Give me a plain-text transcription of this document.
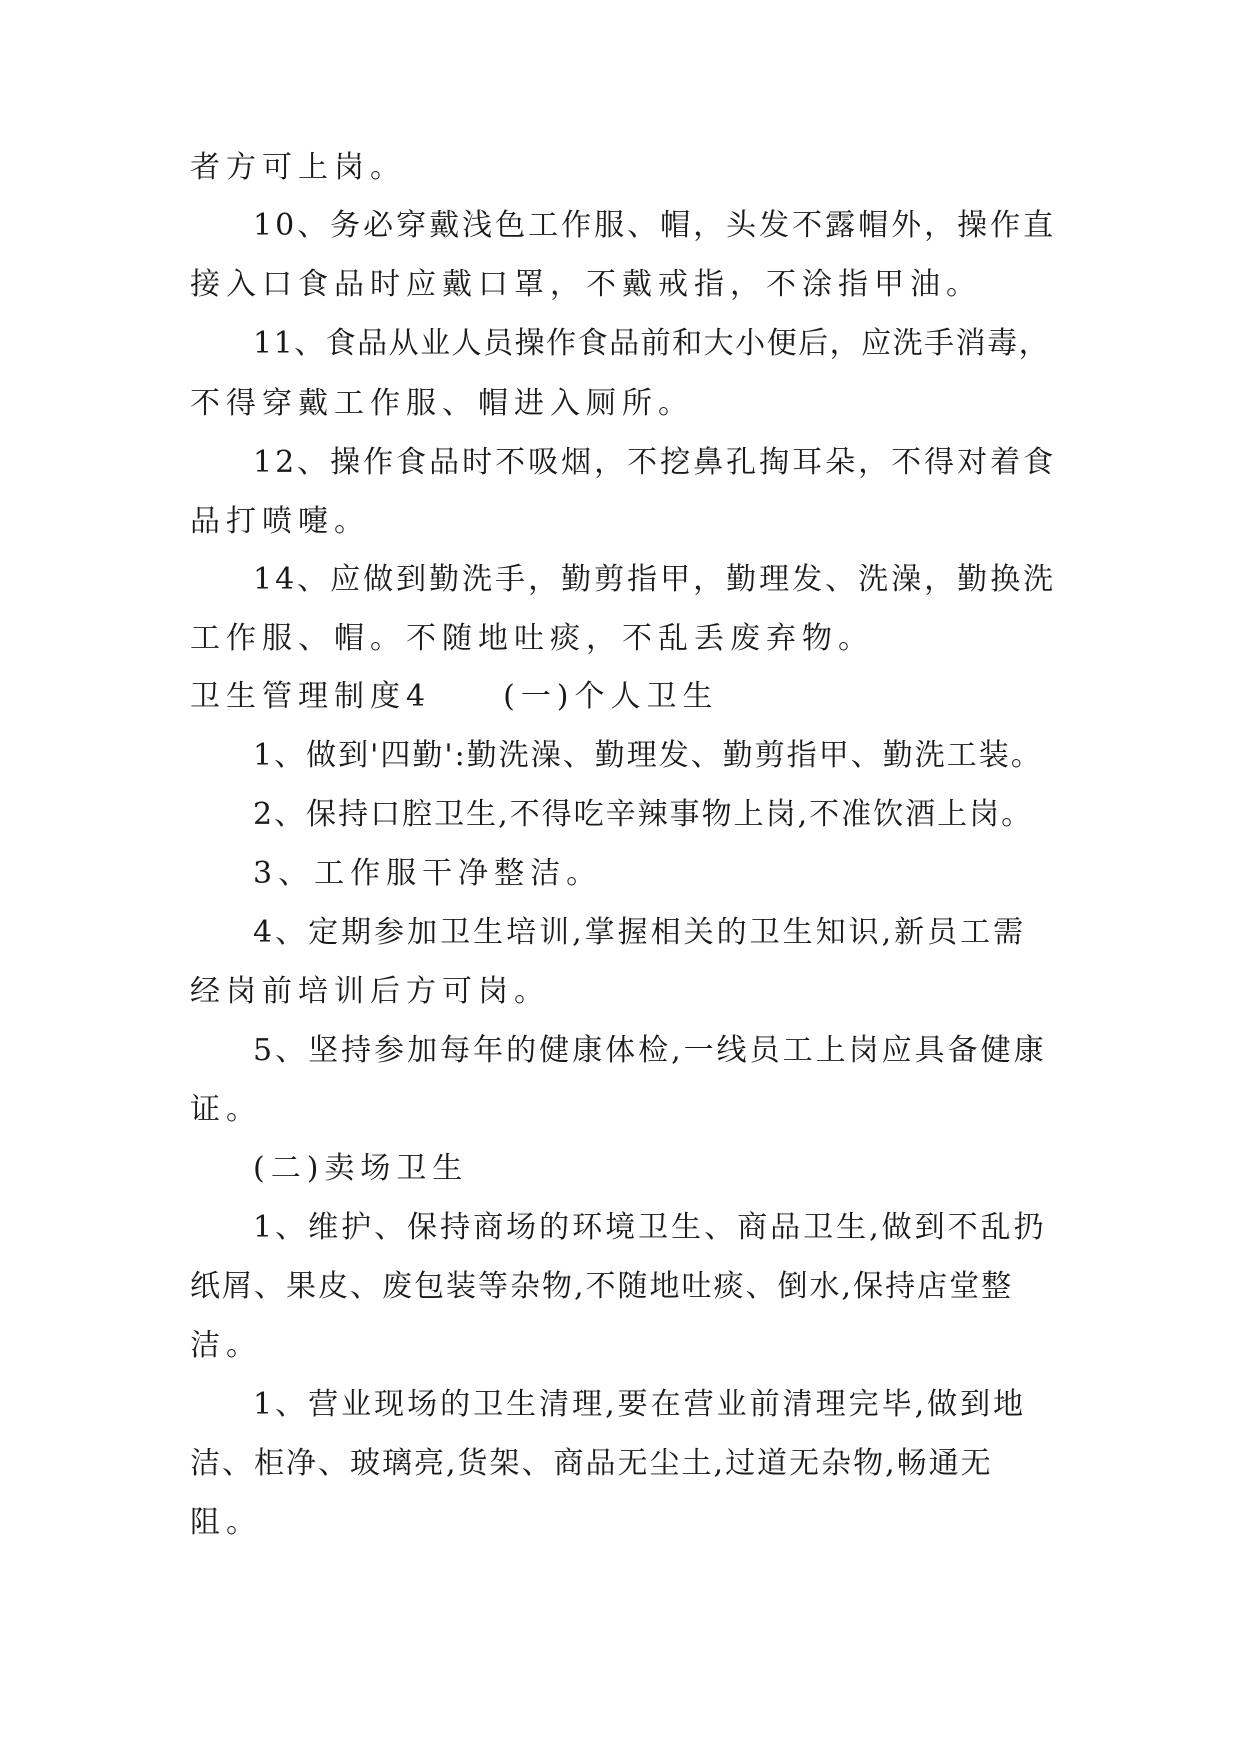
者方可上岗。
10、务必穿戴浅色工作服、帽，头发不露帽外，操作直
接入口食品时应戴口罩，不戴戒指，不涂指甲油。
11、食品从业人员操作食品前和大小便后，应洗手消毒，
不得穿戴工作服、帽进入厕所。
12、操作食品时不吸烟，不挖鼻孔掏耳朵，不得对着食
品打喷嚏。
14、应做到勤洗手，勤剪指甲，勤理发、洗澡，勤换洗
工作服、帽。不随地吐痰，不乱丢废弃物。
卫生管理制度4　　(一)个人卫生
1、做到'四勤':勤洗澡、勤理发、勤剪指甲、勤洗工装。
2、保持口腔卫生,不得吃辛辣事物上岗,不准饮酒上岗。
3、工作服干净整洁。
4、定期参加卫生培训,掌握相关的卫生知识,新员工需
经岗前培训后方可岗。
5、坚持参加每年的健康体检,一线员工上岗应具备健康
证。
(二)卖场卫生
1、维护、保持商场的环境卫生、商品卫生,做到不乱扔
纸屑、果皮、废包装等杂物,不随地吐痰、倒水,保持店堂整
洁。
1、营业现场的卫生清理,要在营业前清理完毕,做到地
洁、柜净、玻璃亮,货架、商品无尘土,过道无杂物,畅通无
阻。
